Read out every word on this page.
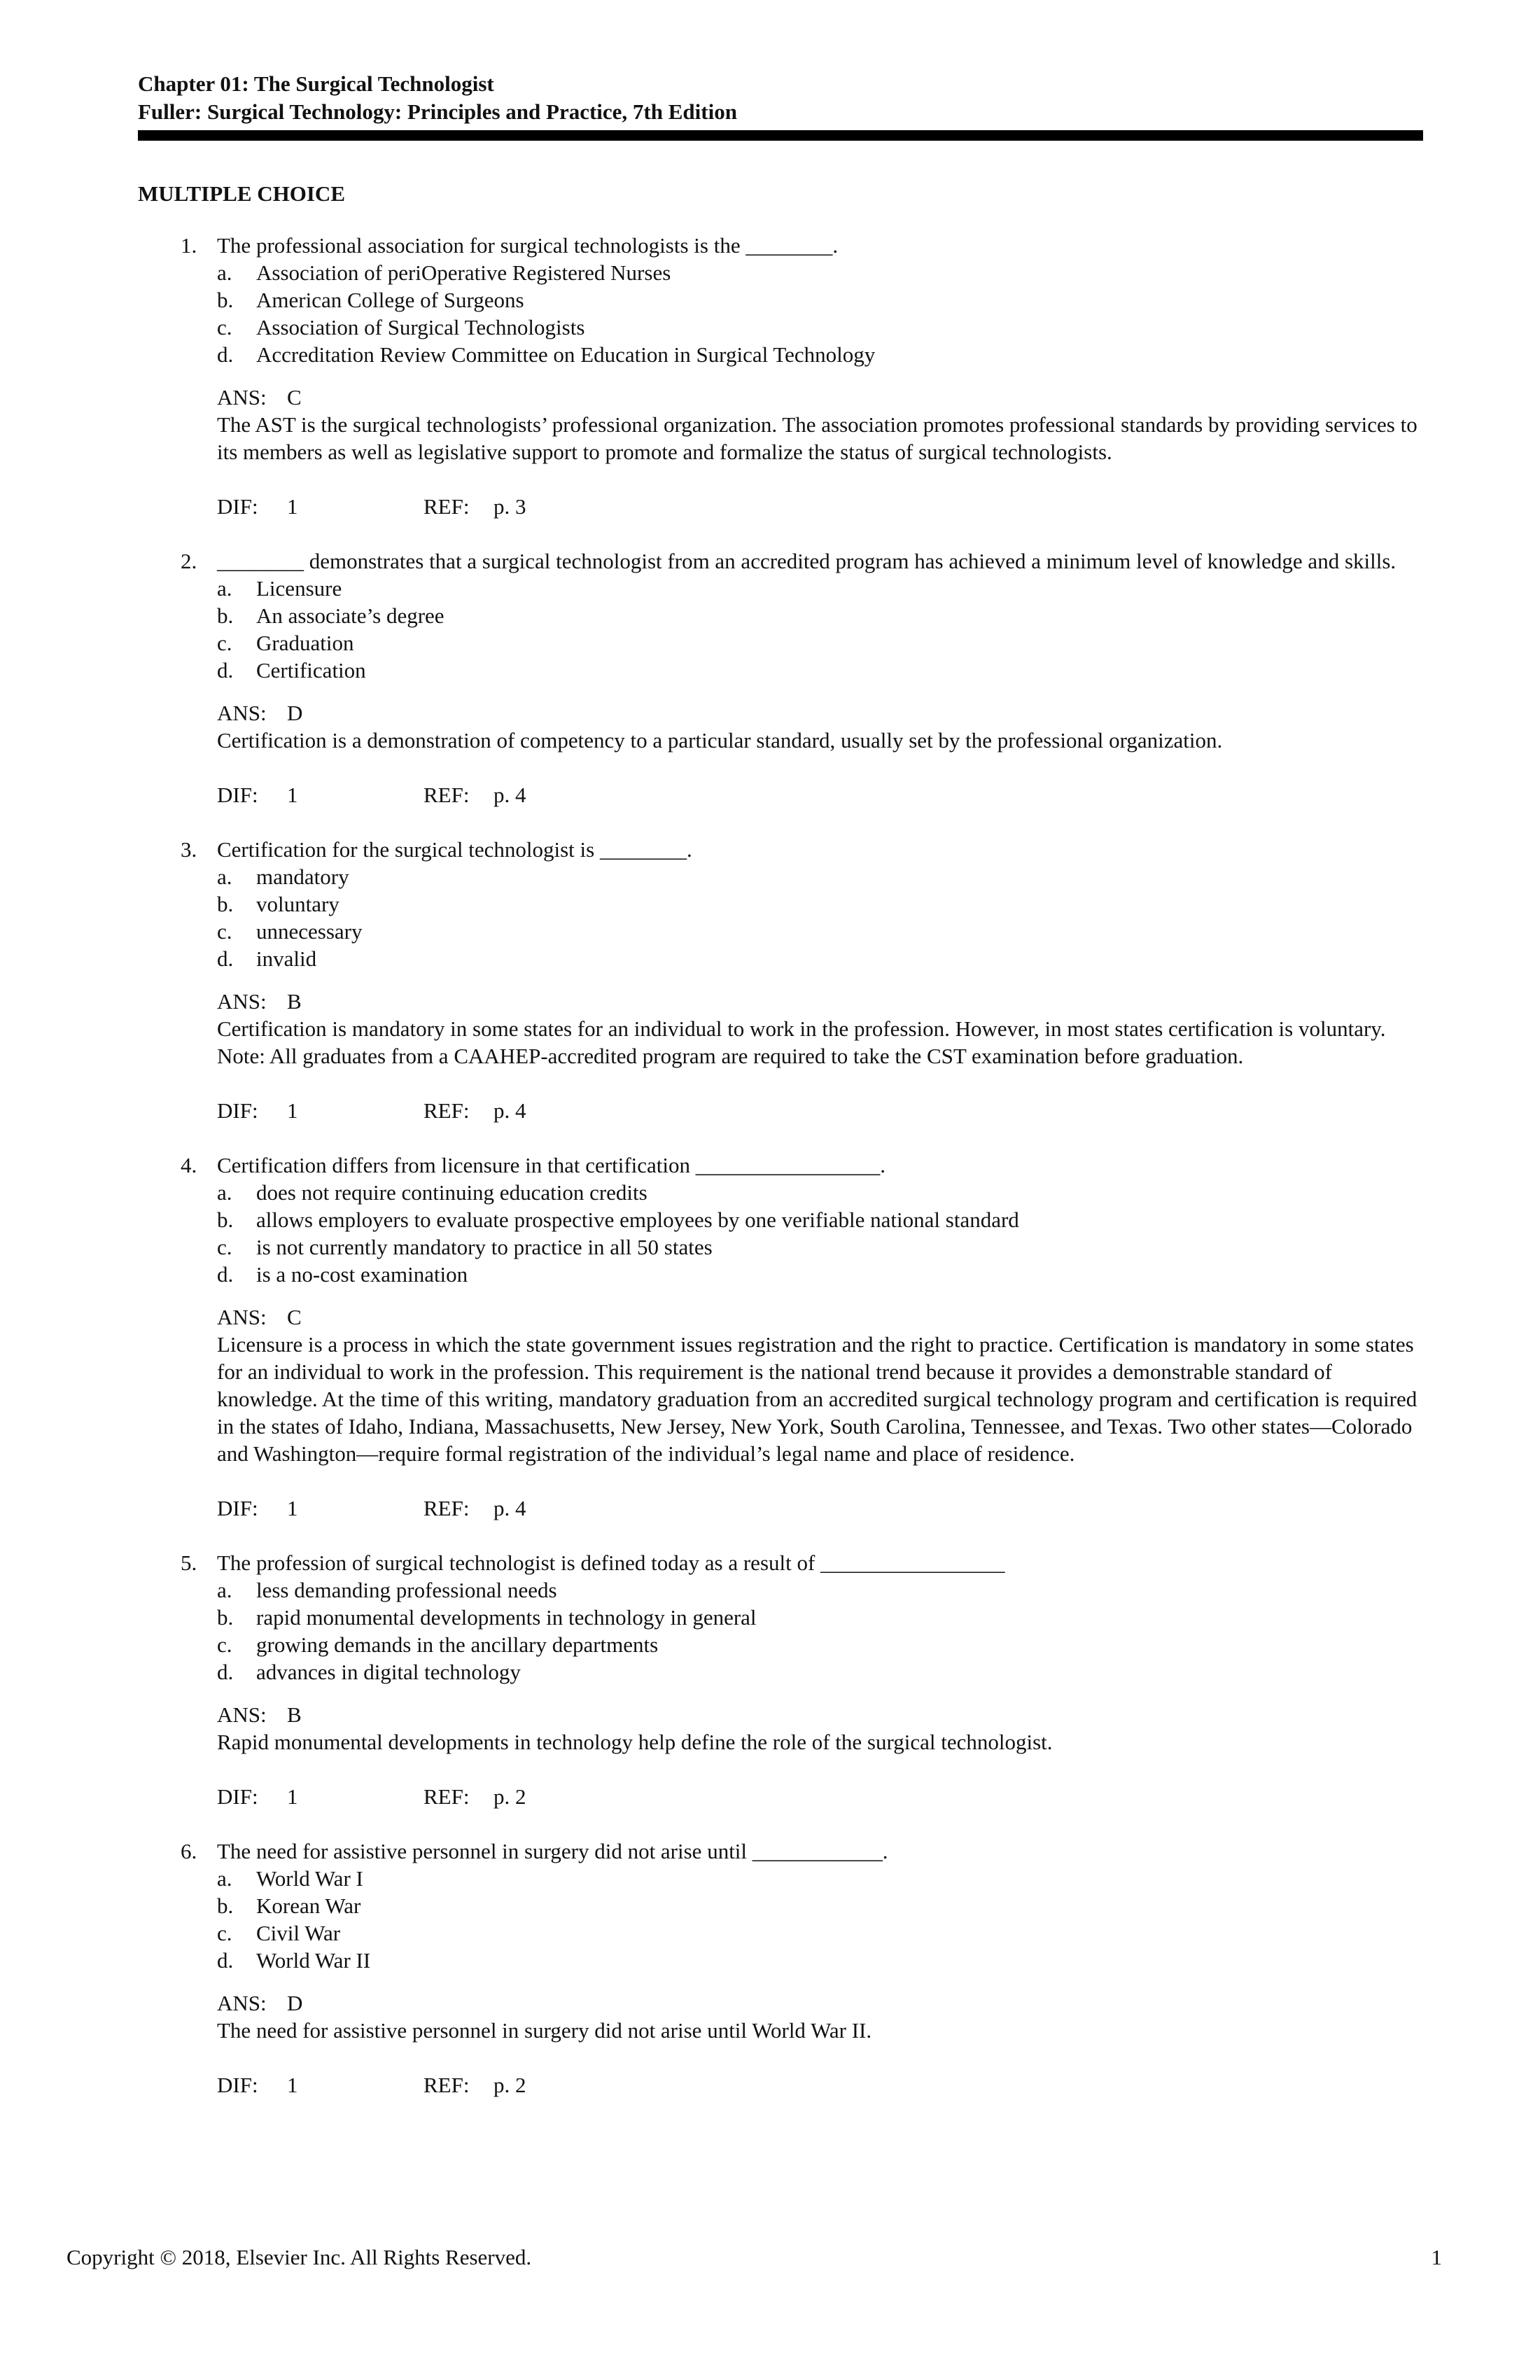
Chapter 01: The Surgical Technologist
Fuller: Surgical Technology: Principles and Practice, 7th Edition
MULTIPLE CHOICE
1. The professional association for surgical technologists is the ________.

a.	Association of periOperative Registered Nurses
b.	American College of Surgeons
c.	Association of Surgical Technologists
d.	Accreditation Review Committee on Education in Surgical Technology
ANS: C

The AST is the surgical technologists’ professional organization. The association promotes professional standards by providing services to its members as well as legislative support to promote and formalize the status of surgical technologists.

DIF:	1	REF:	p. 3
2. ________ demonstrates that a surgical technologist from an accredited program has achieved a minimum level of knowledge and skills.

a.	Licensure
b.	An associate’s degree
c.	Graduation
d.	Certification
ANS: D

Certification is a demonstration of competency to a particular standard, usually set by the professional organization.

DIF:	1	REF:	p. 4
3. Certification for the surgical technologist is ________.

a.	mandatory
b.	voluntary
c.	unnecessary
d.	invalid
ANS: B

Certification is mandatory in some states for an individual to work in the profession. However, in most states certification is voluntary. Note: All graduates from a CAAHEP-accredited program are required to take the CST examination before graduation.

DIF:	1	REF:	p. 4
4. Certification differs from licensure in that certification _________________.

a.	does not require continuing education credits
b.	allows employers to evaluate prospective employees by one verifiable national standard
c.	is not currently mandatory to practice in all 50 states
d.	is a no-cost examination
ANS: C

Licensure is a process in which the state government issues registration and the right to practice. Certification is mandatory in some states for an individual to work in the profession. This requirement is the national trend because it provides a demonstrable standard of knowledge. At the time of this writing, mandatory graduation from an accredited surgical technology program and certification is required in the states of Idaho, Indiana, Massachusetts, New Jersey, New York, South Carolina, Tennessee, and Texas. Two other states—Colorado and Washington—require formal registration of the individual’s legal name and place of residence.

DIF:	1	REF:	p. 4
5. The profession of surgical technologist is defined today as a result of _________________

a.	less demanding professional needs
b.	rapid monumental developments in technology in general
c.	growing demands in the ancillary departments
d.	advances in digital technology
ANS: B

Rapid monumental developments in technology help define the role of the surgical technologist.

DIF:	1	REF:	p. 2
6. The need for assistive personnel in surgery did not arise until ____________.

a.	World War I
b.	Korean War
c.	Civil War
d.	World War II
ANS: D

The need for assistive personnel in surgery did not arise until World War II.

DIF:	1	REF:	p. 2
Copyright © 2018, Elsevier Inc. All Rights Reserved.	1
